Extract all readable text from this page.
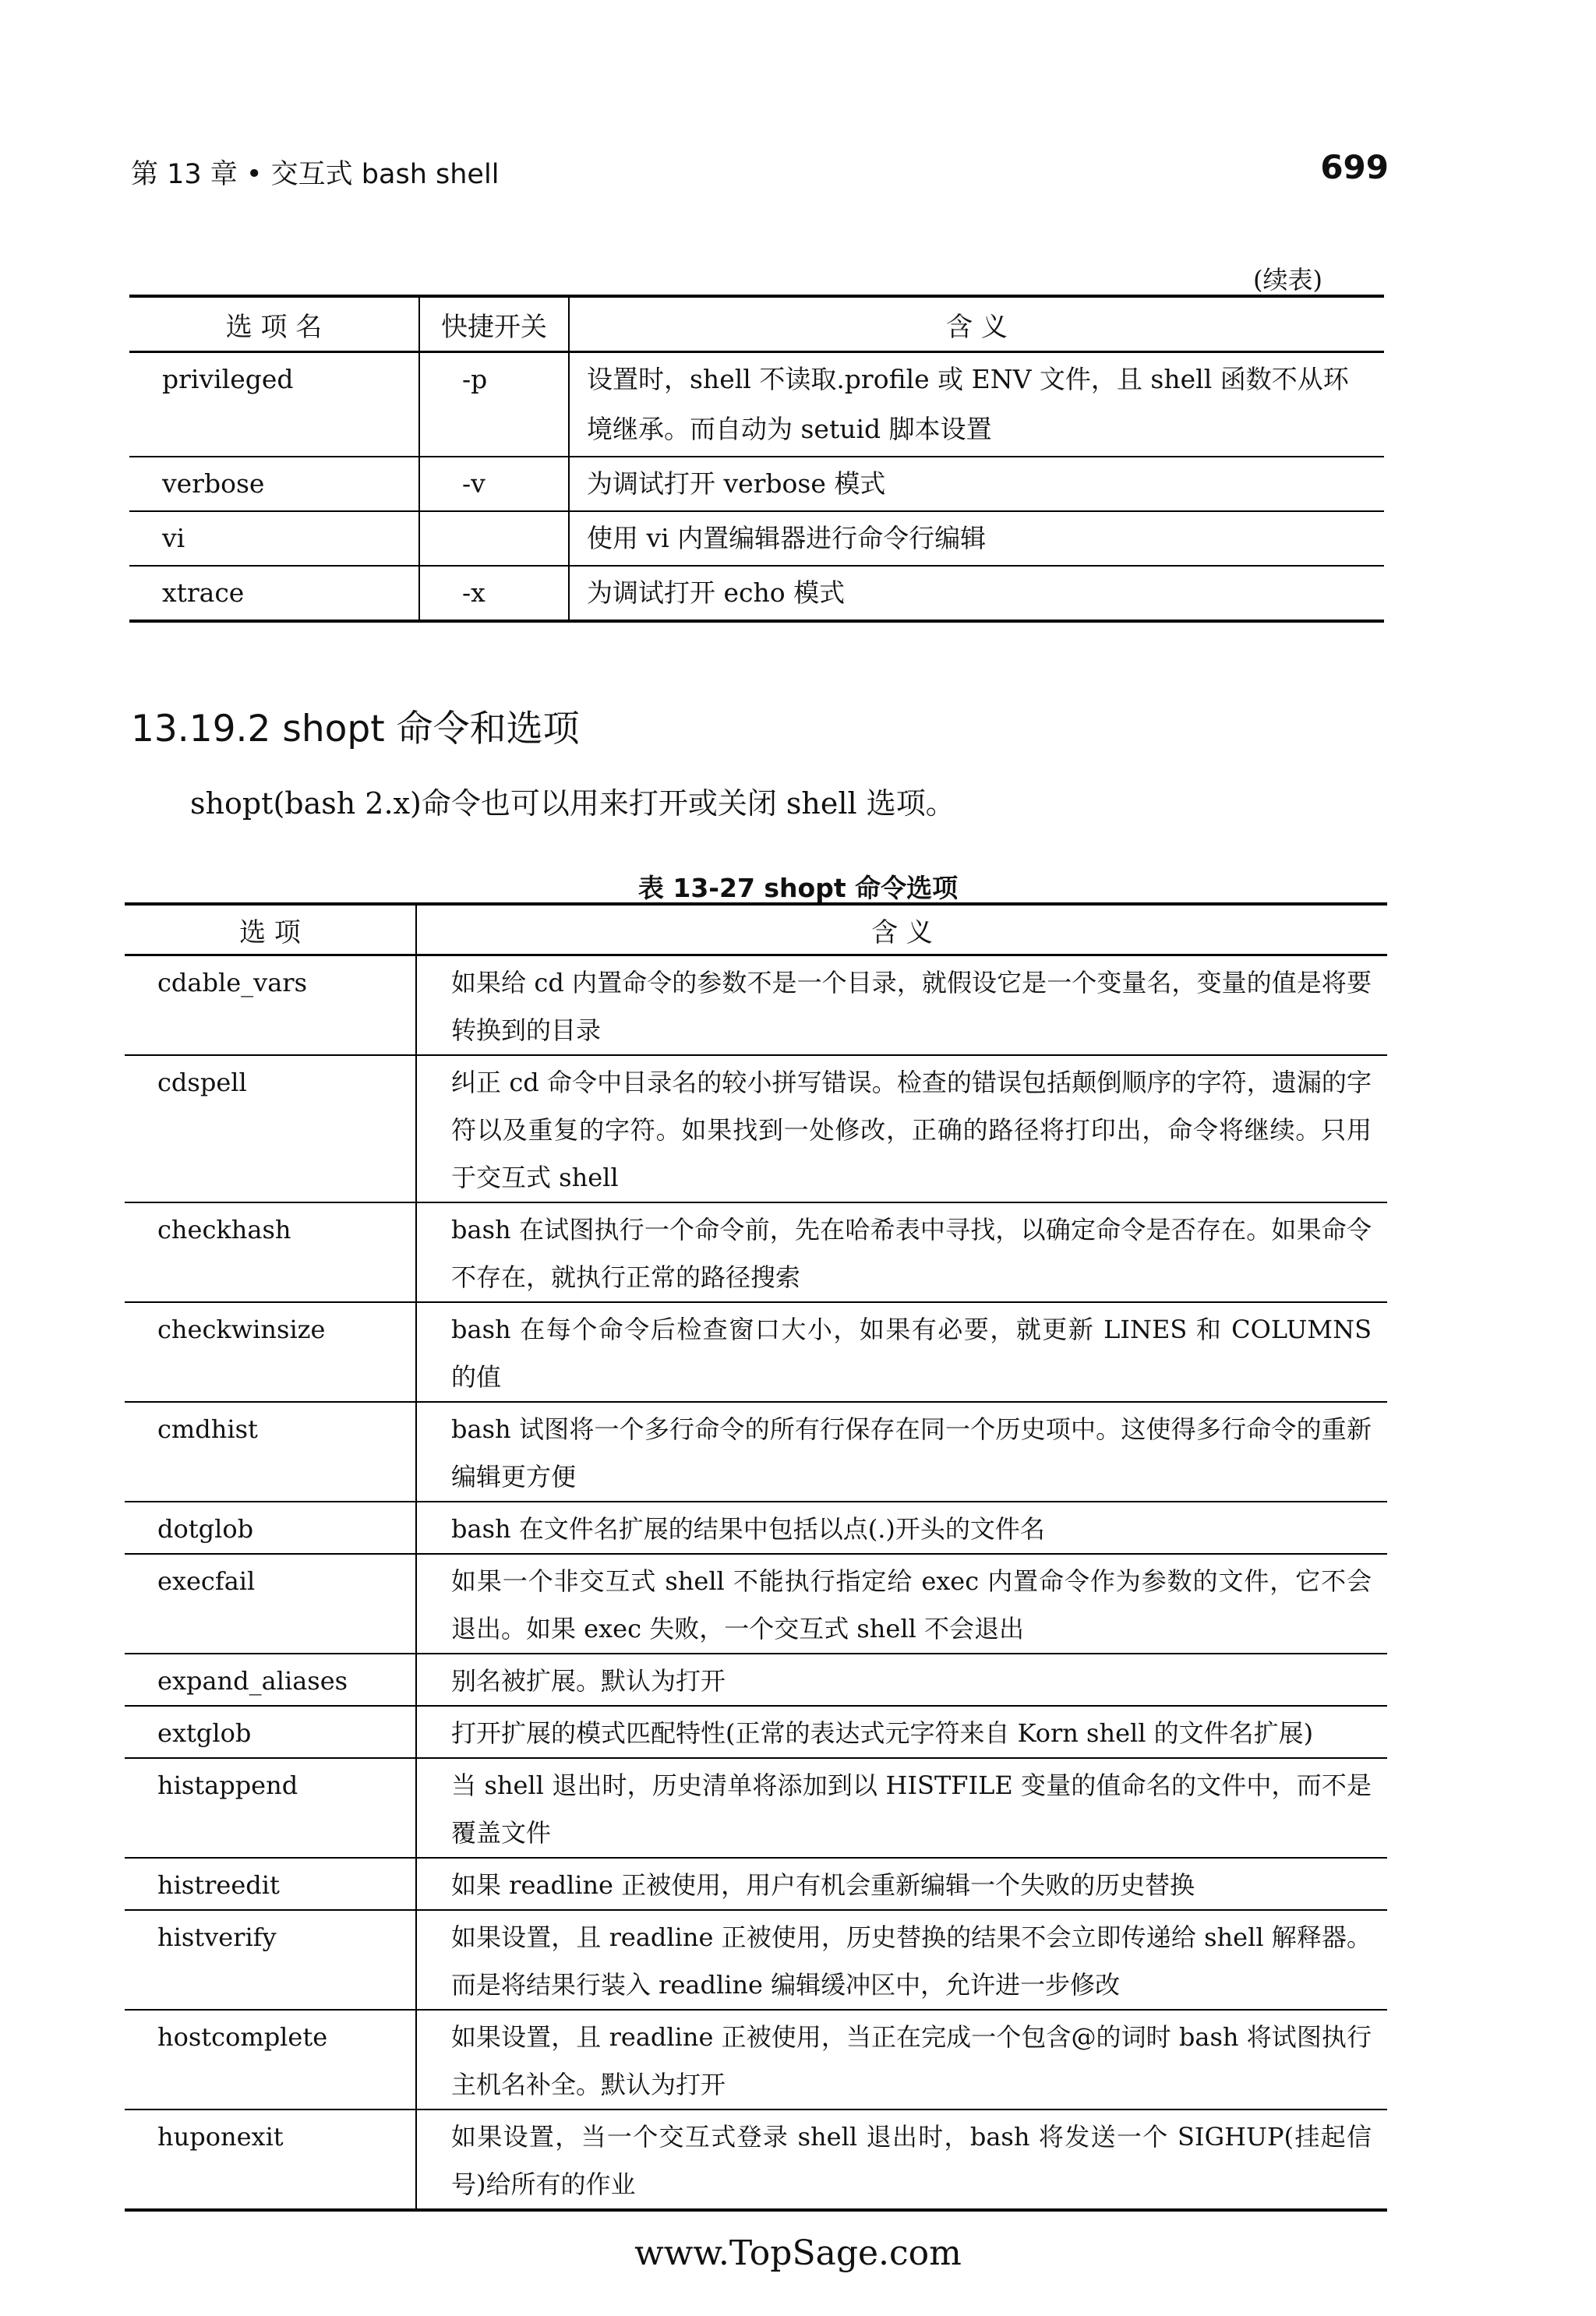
第 13 章 • 交互式 bash shell	699
(续表)
选 项 名	快捷开关	含 义
privileged	-p	设置时，shell 不读取.profile 或 ENV 文件，且 shell 函数不从环境继承。而自动为 setuid 脚本设置
verbose	-v	为调试打开 verbose 模式
vi		使用 vi 内置编辑器进行命令行编辑
xtrace	-x	为调试打开 echo 模式
13.19.2 shopt 命令和选项
shopt(bash 2.x)命令也可以用来打开或关闭 shell 选项。
表 13-27 shopt 命令选项
选 项	含 义
cdable_vars	如果给 cd 内置命令的参数不是一个目录，就假设它是一个变量名，变量的值是将要转换到的目录
cdspell	纠正 cd 命令中目录名的较小拼写错误。检查的错误包括颠倒顺序的字符，遗漏的字符以及重复的字符。如果找到一处修改，正确的路径将打印出，命令将继续。只用于交互式 shell
checkhash	bash 在试图执行一个命令前，先在哈希表中寻找，以确定命令是否存在。如果命令不存在，就执行正常的路径搜索
checkwinsize	bash 在每个命令后检查窗口大小，如果有必要，就更新 LINES 和 COLUMNS 的值
cmdhist	bash 试图将一个多行命令的所有行保存在同一个历史项中。这使得多行命令的重新编辑更方便
dotglob	bash 在文件名扩展的结果中包括以点(.)开头的文件名
execfail	如果一个非交互式 shell 不能执行指定给 exec 内置命令作为参数的文件，它不会退出。如果 exec 失败，一个交互式 shell 不会退出
expand_aliases	别名被扩展。默认为打开
extglob	打开扩展的模式匹配特性(正常的表达式元字符来自 Korn shell 的文件名扩展)
histappend	当 shell 退出时，历史清单将添加到以 HISTFILE 变量的值命名的文件中，而不是覆盖文件
histreedit	如果 readline 正被使用，用户有机会重新编辑一个失败的历史替换
histverify	如果设置，且 readline 正被使用，历史替换的结果不会立即传递给 shell 解释器。而是将结果行装入 readline 编辑缓冲区中，允许进一步修改
hostcomplete	如果设置，且 readline 正被使用，当正在完成一个包含@的词时 bash 将试图执行主机名补全。默认为打开
huponexit	如果设置，当一个交互式登录 shell 退出时，bash 将发送一个 SIGHUP(挂起信号)给所有的作业
www.TopSage.com
